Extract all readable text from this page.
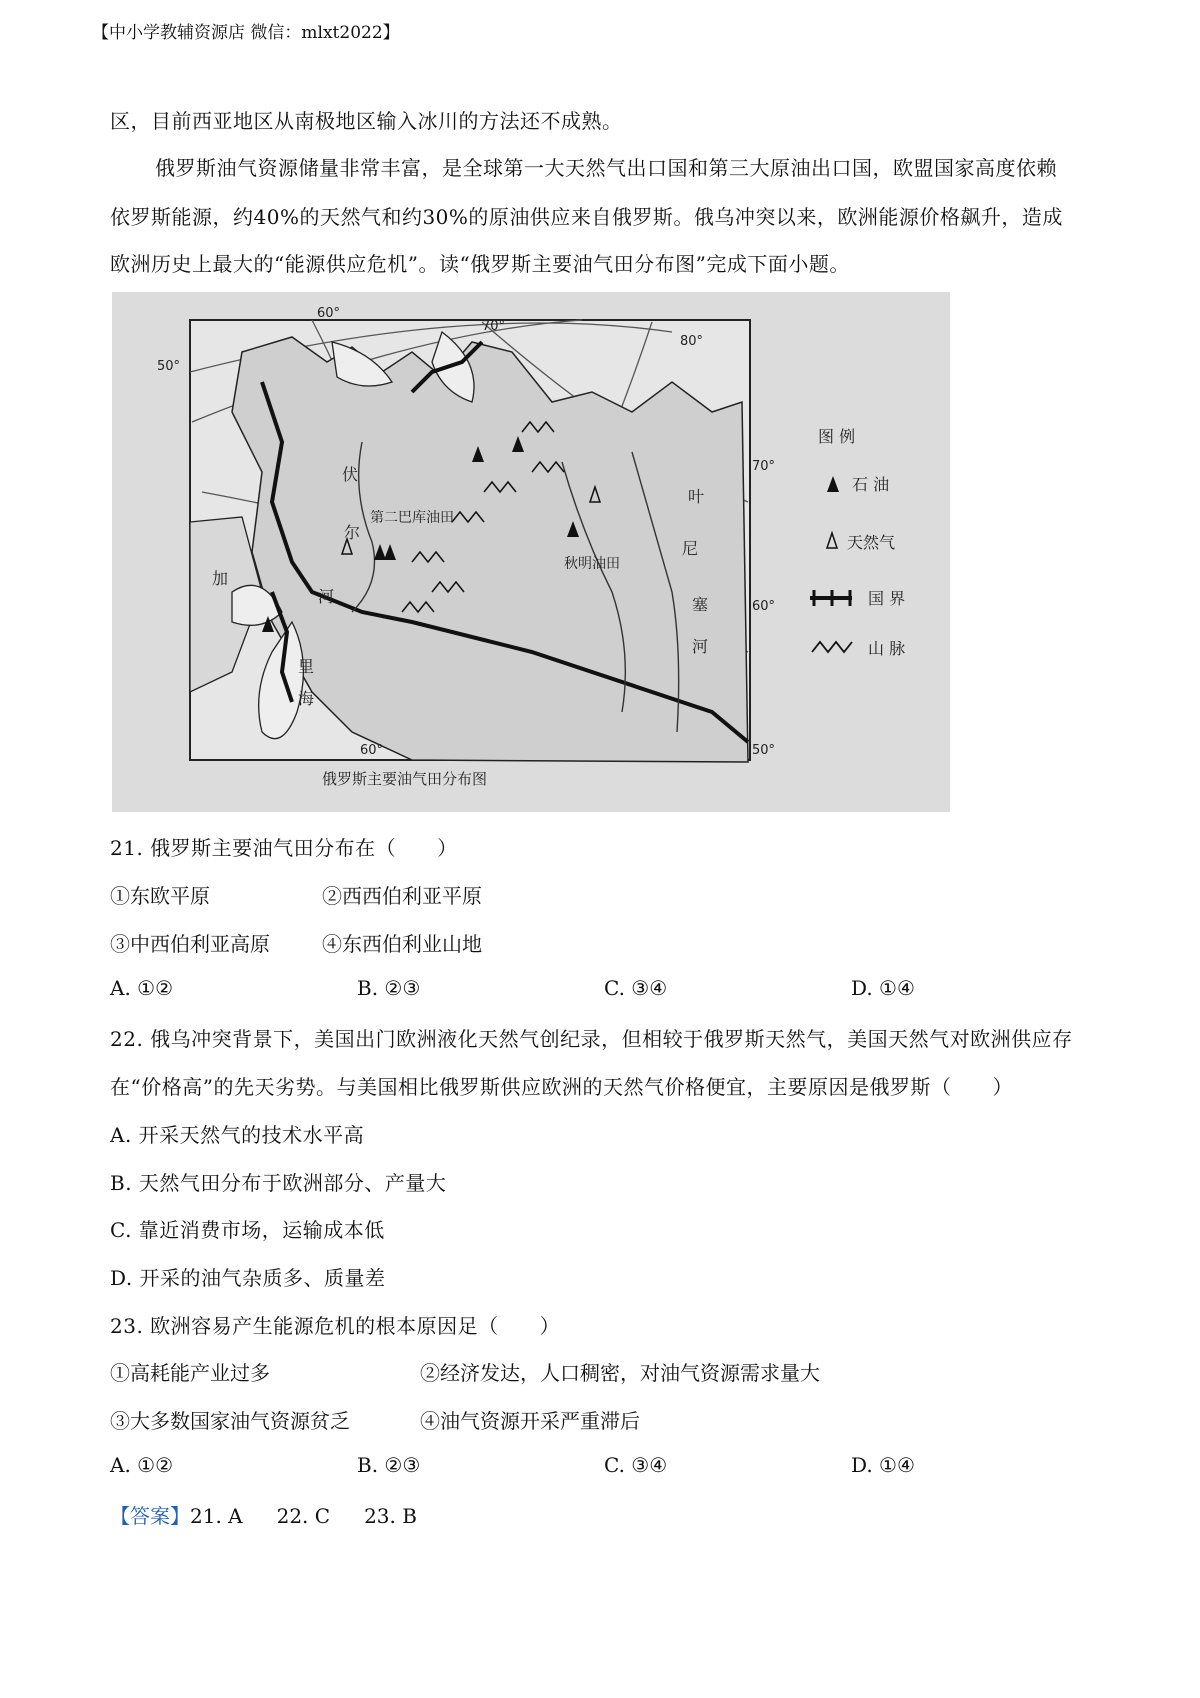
【中小学教辅资源店 微信：mlxt2022】
区，目前西亚地区从南极地区输入冰川的方法还不成熟。
俄罗斯油气资源储量非常丰富，是全球第一大天然气出口国和第三大原油出口国，欧盟国家高度依赖
依罗斯能源，约40%的天然气和约30%的原油供应来自俄罗斯。俄乌冲突以来，欧洲能源价格飙升，造成
欧洲历史上最大的“能源供应危机”。读“俄罗斯主要油气田分布图”完成下面小题。
50°
60°
70°
80°
70°
60°
50°
60°
第二巴库油田
秋明油田
伏
尔
加
河
里
海
叶
尼
塞
河
图 例
石 油
天然气
国 界
山 脉
俄罗斯主要油气田分布图
21. 俄罗斯主要油气田分布在（　　）
①东欧平原	②西西伯利亚平原
③中西伯利亚高原	④东西伯利业山地
A. ①②	B. ②③	C. ③④	D. ①④
22. 俄乌冲突背景下，美国出门欧洲液化天然气创纪录，但相较于俄罗斯天然气，美国天然气对欧洲供应存
在“价格高”的先天劣势。与美国相比俄罗斯供应欧洲的天然气价格便宜，主要原因是俄罗斯（　　）
A. 开采天然气的技术水平高
B. 天然气田分布于欧洲部分、产量大
C. 靠近消费市场，运输成本低
D. 开采的油气杂质多、质量差
23. 欧洲容易产生能源危机的根本原因足（　　）
①高耗能产业过多	②经济发达，人口稠密，对油气资源需求量大
③大多数国家油气资源贫乏	④油气资源开采严重滞后
A. ①②	B. ②③	C. ③④	D. ①④
【答案】21. A 22. C 23. B
